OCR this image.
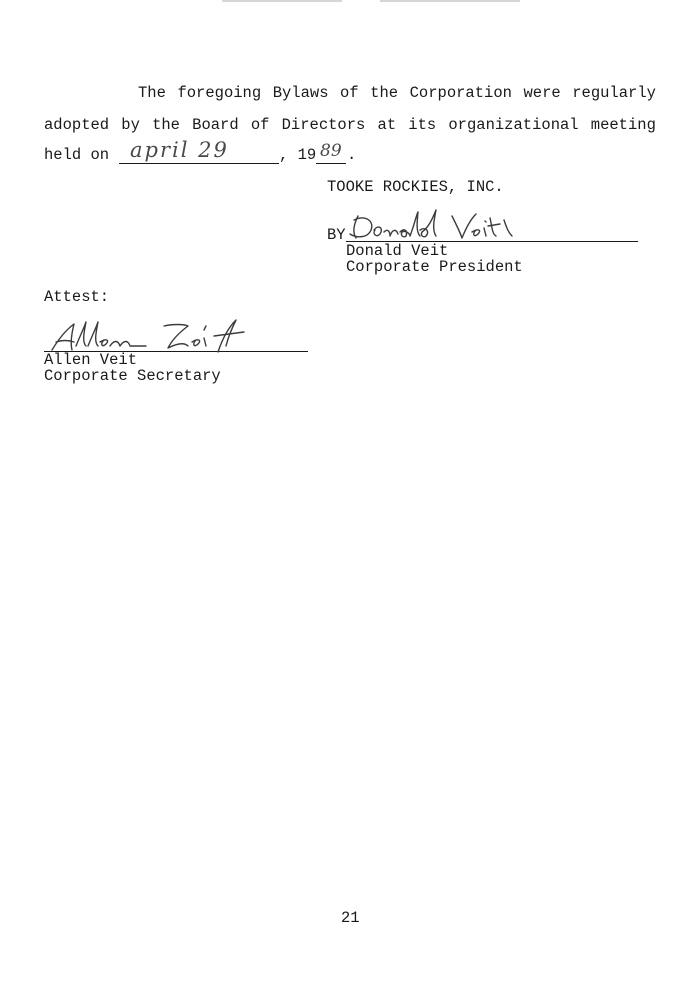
The foregoing Bylaws of the Corporation were regularly
adopted by the Board of Directors at its organizational meeting
held on april 29	, 19 89 .
TOOKE ROCKIES, INC.
BY
Donald Veit
Corporate President
Attest:
Allen Veit
Corporate Secretary
21
